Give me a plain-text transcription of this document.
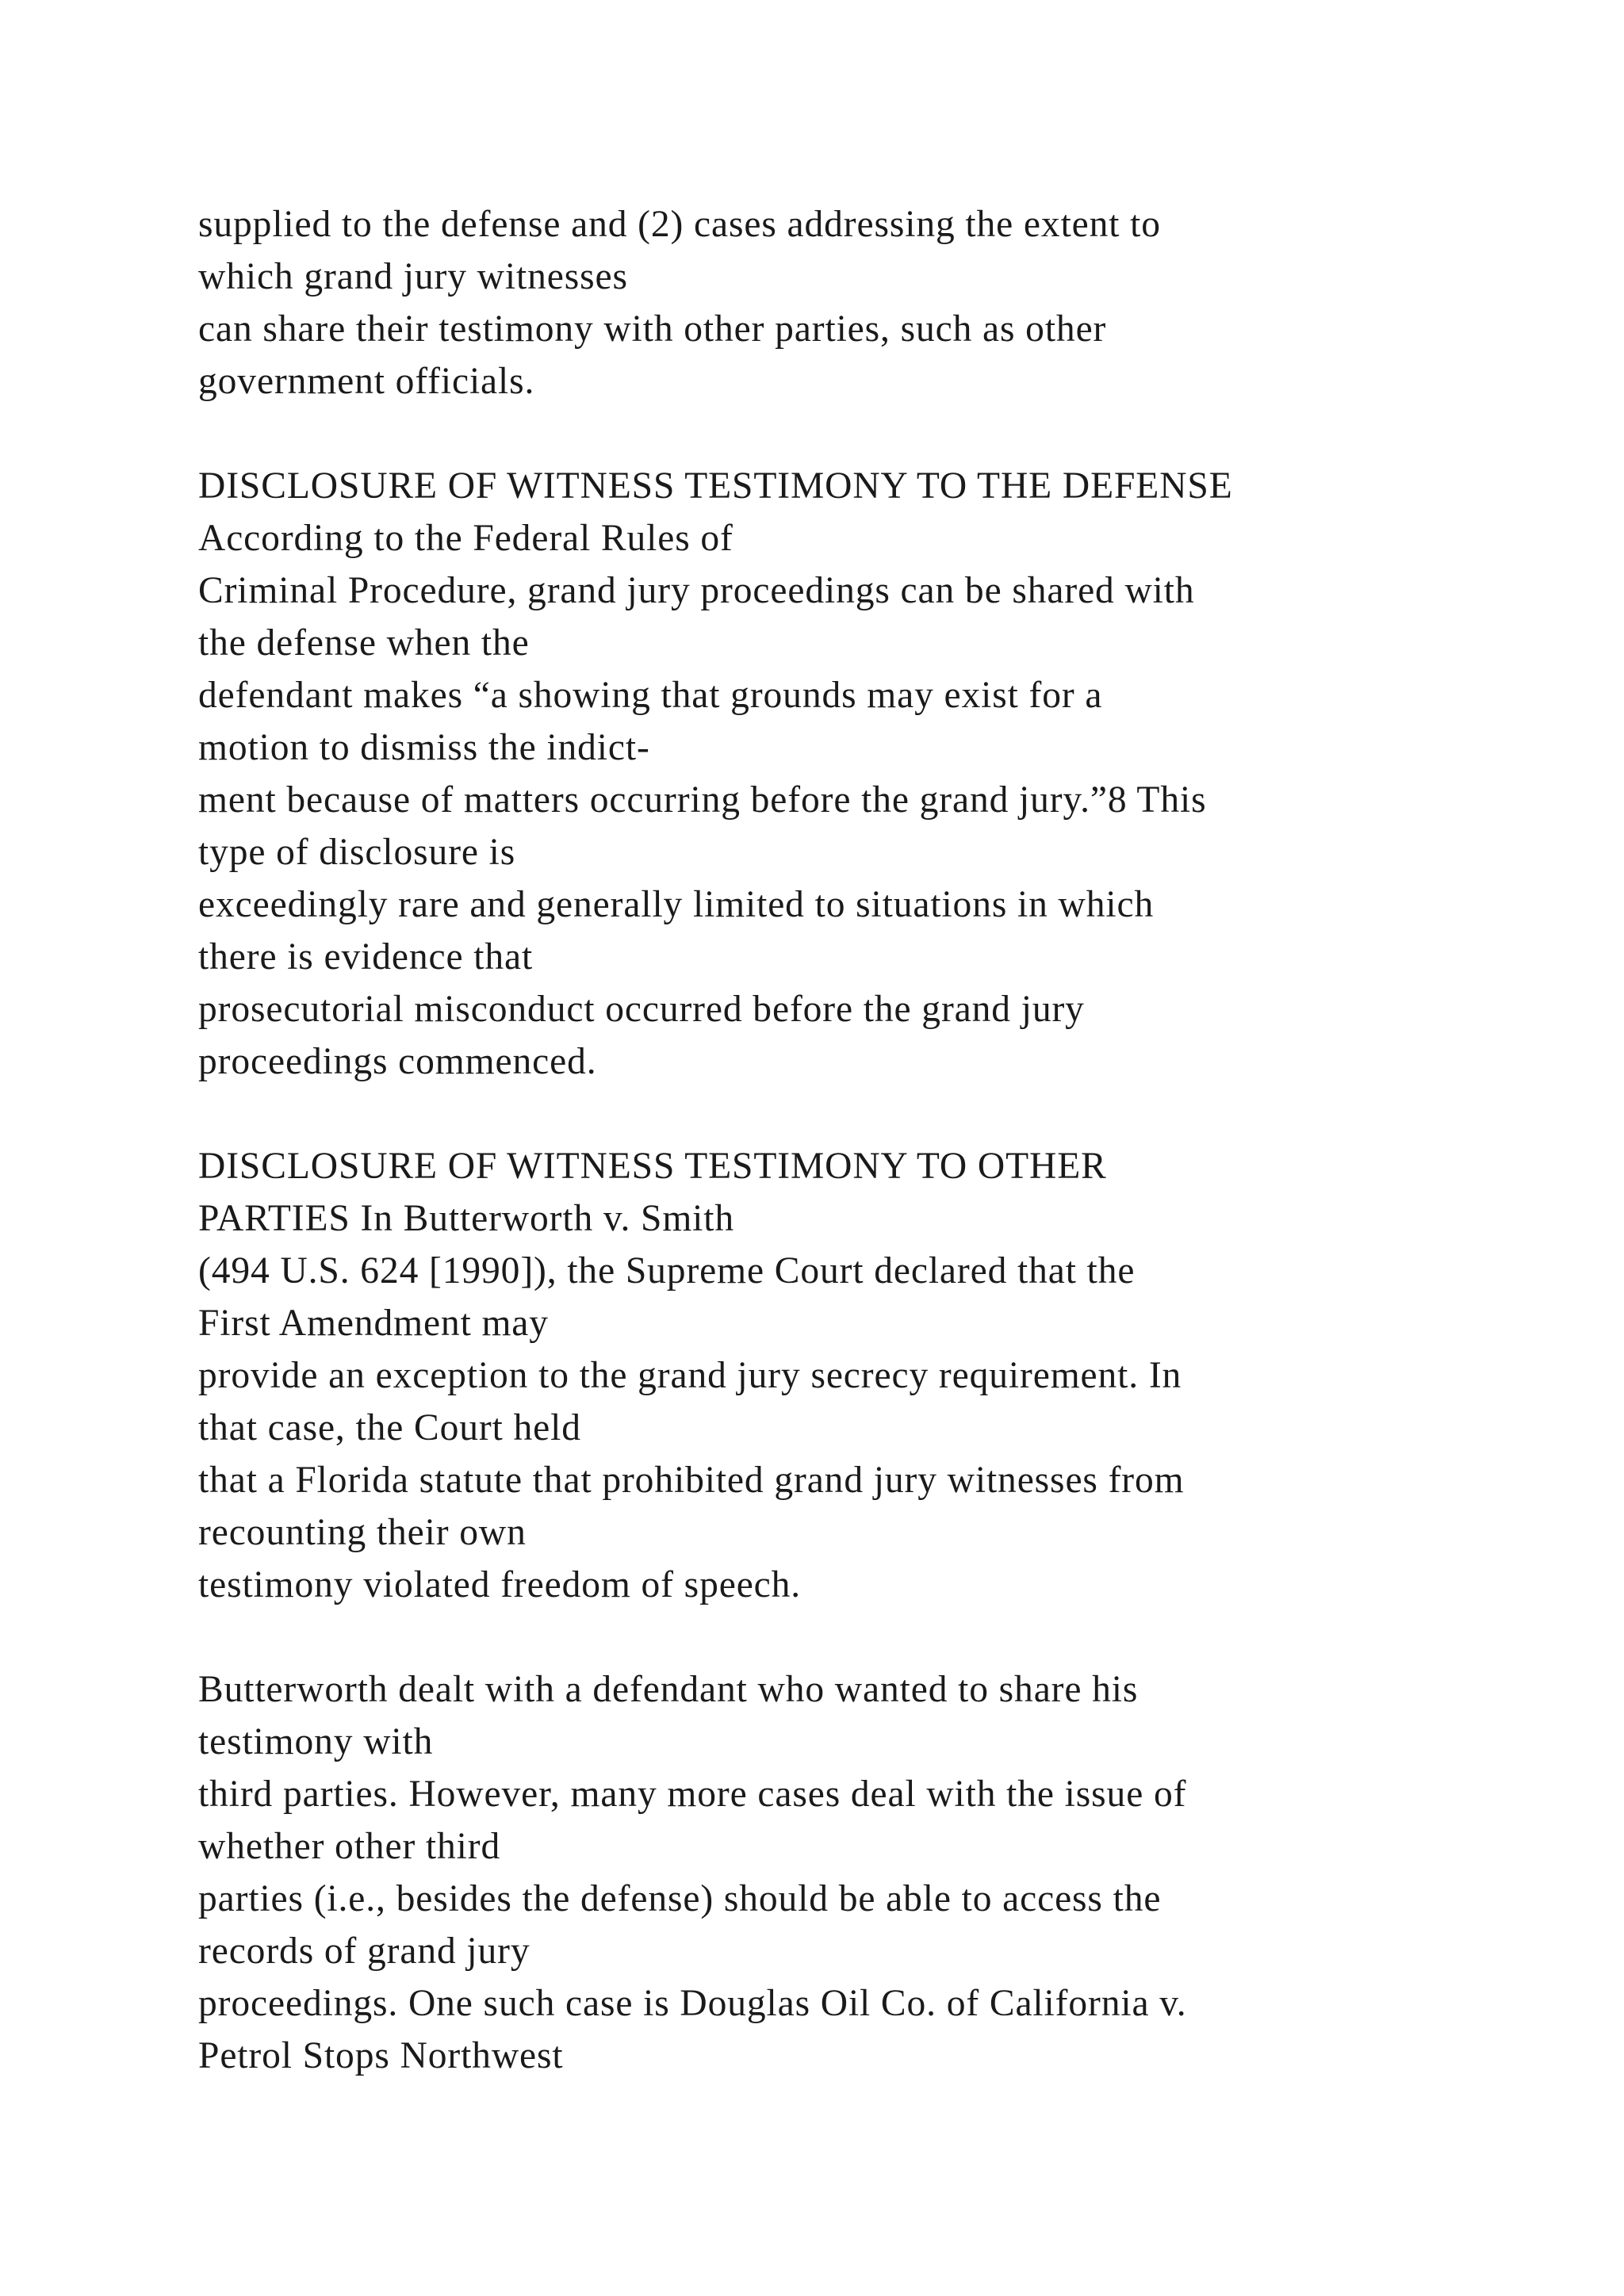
supplied to the defense and (2) cases addressing the extent to
which grand jury witnesses
can share their testimony with other parties, such as other
government officials.
DISCLOSURE OF WITNESS TESTIMONY TO THE DEFENSE
According to the Federal Rules of
Criminal Procedure, grand jury proceedings can be shared with
the defense when the
defendant makes “a showing that grounds may exist for a
motion to dismiss the indict-
ment because of matters occurring before the grand jury.”8 This
type of disclosure is
exceedingly rare and generally limited to situations in which
there is evidence that
prosecutorial misconduct occurred before the grand jury
proceedings commenced.
DISCLOSURE OF WITNESS TESTIMONY TO OTHER
PARTIES In Butterworth v. Smith
(494 U.S. 624 [1990]), the Supreme Court declared that the
First Amendment may
provide an exception to the grand jury secrecy requirement. In
that case, the Court held
that a Florida statute that prohibited grand jury witnesses from
recounting their own
testimony violated freedom of speech.
Butterworth dealt with a defendant who wanted to share his
testimony with
third parties. However, many more cases deal with the issue of
whether other third
parties (i.e., besides the defense) should be able to access the
records of grand jury
proceedings. One such case is Douglas Oil Co. of California v.
Petrol Stops Northwest
